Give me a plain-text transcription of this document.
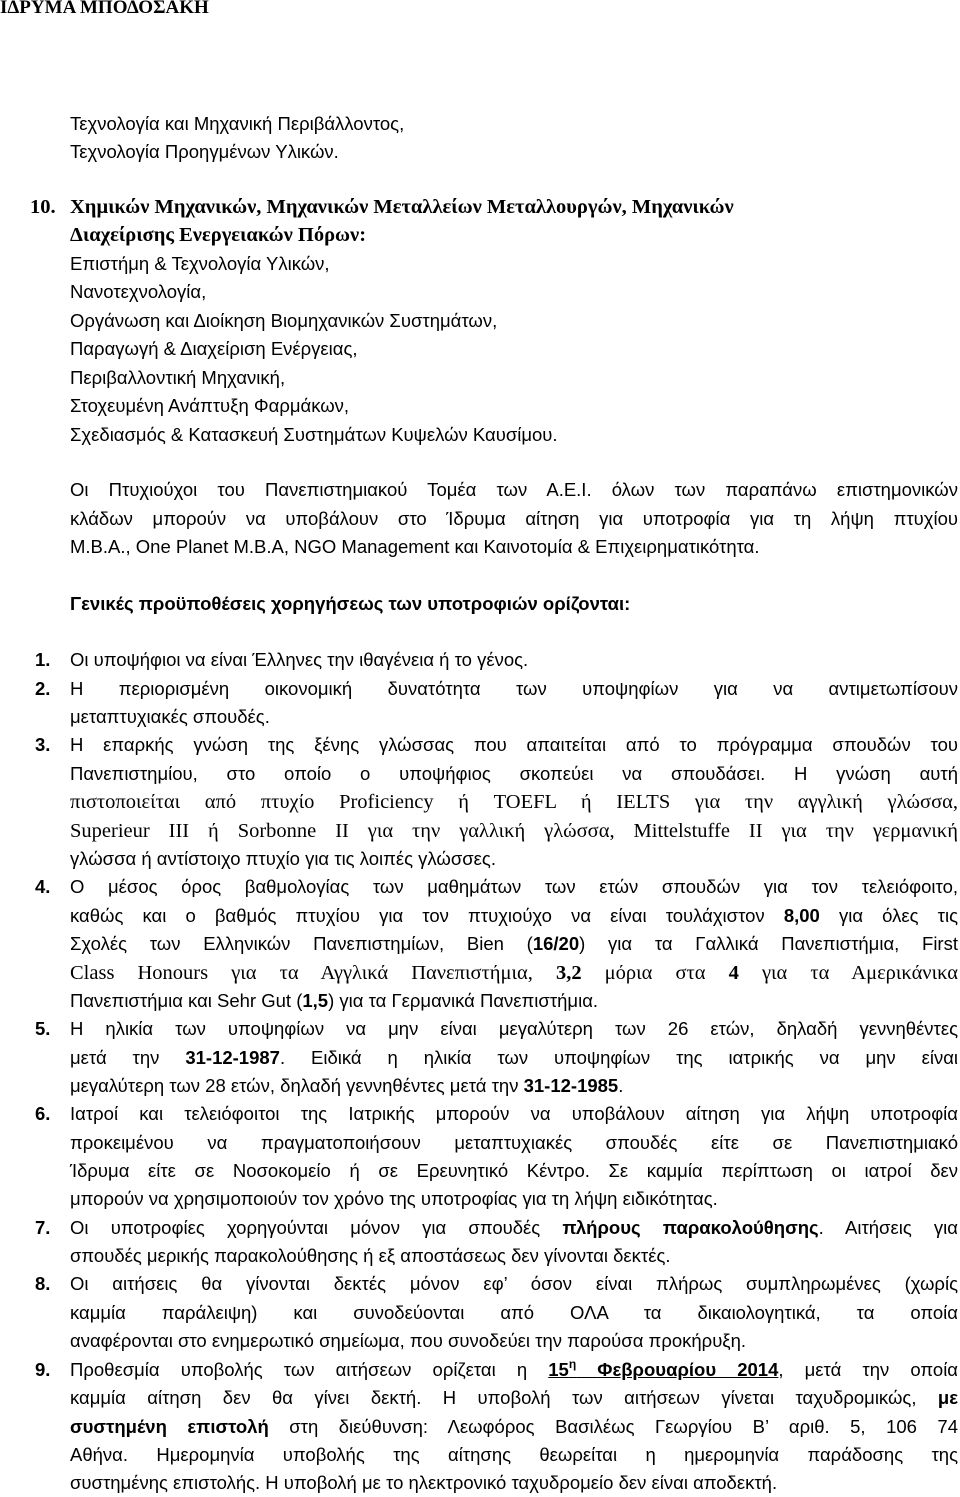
ΙΔΡΥΜΑ ΜΠΟΔΟΣΑΚΗ
Τεχνολογία και Μηχανική Περιβάλλοντος,
Τεχνολογία Προηγμένων Υλικών.
10. Χημικών Μηχανικών, Μηχανικών Μεταλλείων Μεταλλουργών, Μηχανικών
Διαχείρισης Ενεργειακών Πόρων:
Επιστήμη & Τεχνολογία Υλικών,
Νανοτεχνολογία,
Οργάνωση και Διοίκηση Βιομηχανικών Συστημάτων,
Παραγωγή & Διαχείριση Ενέργειας,
Περιβαλλοντική Μηχανική,
Στοχευμένη Ανάπτυξη Φαρμάκων,
Σχεδιασμός & Κατασκευή Συστημάτων Κυψελών Καυσίμου.
Οι Πτυχιούχοι του Πανεπιστημιακού Τομέα των Α.Ε.Ι. όλων των παραπάνω επιστημονικών
κλάδων μπορούν να υποβάλουν στο Ίδρυμα αίτηση για υποτροφία για τη λήψη πτυχίου
M.B.A., One Planet M.B.A, NGO Management και Καινοτομία & Επιχειρηματικότητα.
Γενικές προϋποθέσεις χορηγήσεως των υποτροφιών ορίζονται:
1. Οι υποψήφιοι να είναι Έλληνες την ιθαγένεια ή το γένος.
2. Η περιορισμένη οικονομική δυνατότητα των υποψηφίων για να αντιμετωπίσουν
μεταπτυχιακές σπουδές.
3. Η επαρκής γνώση της ξένης γλώσσας που απαιτείται από το πρόγραμμα σπουδών του
Πανεπιστημίου, στο οποίο ο υποψήφιος σκοπεύει να σπουδάσει. Η γνώση αυτή
πιστοποιείται από πτυχίο Proficiency ή TOEFL ή IELTS για την αγγλική γλώσσα,
Superieur III ή Sorbonne II για την γαλλική γλώσσα, Mittelstuffe II για την γερμανική
γλώσσα ή αντίστοιχο πτυχίο για τις λοιπές γλώσσες.
4. Ο μέσος όρος βαθμολογίας των μαθημάτων των ετών σπουδών για τον τελειόφοιτο,
καθώς και ο βαθμός πτυχίου για τον πτυχιούχο να είναι τουλάχιστον 8,00 για όλες τις
Σχολές των Ελληνικών Πανεπιστημίων, Bien (16/20) για τα Γαλλικά Πανεπιστήμια, First
Class Honours για τα Αγγλικά Πανεπιστήμια, 3,2 μόρια στα 4 για τα Αμερικάνικα
Πανεπιστήμια και Sehr Gut (1,5) για τα Γερμανικά Πανεπιστήμια.
5. Η ηλικία των υποψηφίων να μην είναι μεγαλύτερη των 26 ετών, δηλαδή γεννηθέντες
μετά την 31-12-1987. Ειδικά η ηλικία των υποψηφίων της ιατρικής να μην είναι
μεγαλύτερη των 28 ετών, δηλαδή γεννηθέντες μετά την 31-12-1985.
6. Ιατροί και τελειόφοιτοι της Ιατρικής μπορούν να υποβάλουν αίτηση για λήψη υποτροφία
προκειμένου να πραγματοποιήσουν μεταπτυχιακές σπουδές είτε σε Πανεπιστημιακό
Ίδρυμα είτε σε Νοσοκομείο ή σε Ερευνητικό Κέντρο. Σε καμμία περίπτωση οι ιατροί δεν
μπορούν να χρησιμοποιούν τον χρόνο της υποτροφίας για τη λήψη ειδικότητας.
7. Οι υποτροφίες χορηγούνται μόνον για σπουδές πλήρους παρακολούθησης. Αιτήσεις για
σπουδές μερικής παρακολούθησης ή εξ αποστάσεως δεν γίνονται δεκτές.
8. Οι αιτήσεις θα γίνονται δεκτές μόνον εφ’ όσον είναι πλήρως συμπληρωμένες (χωρίς
καμμία παράλειψη) και συνοδεύονται από ΟΛΑ τα δικαιολογητικά, τα οποία
αναφέρονται στο ενημερωτικό σημείωμα, που συνοδεύει την παρούσα προκήρυξη.
9. Προθεσμία υποβολής των αιτήσεων ορίζεται η $15^\eta$ Φεβρουαρίου 2014, μετά την οποία
καμμία αίτηση δεν θα γίνει δεκτή. Η υποβολή των αιτήσεων γίνεται ταχυδρομικώς, με
συστημένη επιστολή στη διεύθυνση: Λεωφόρος Βασιλέως Γεωργίου Β’ αριθ. 5, 106 74
Αθήνα. Ημερομηνία υποβολής της αίτησης θεωρείται η ημερομηνία παράδοσης της
συστημένης επιστολής. Η υποβολή με το ηλεκτρονικό ταχυδρομείο δεν είναι αποδεκτή.
